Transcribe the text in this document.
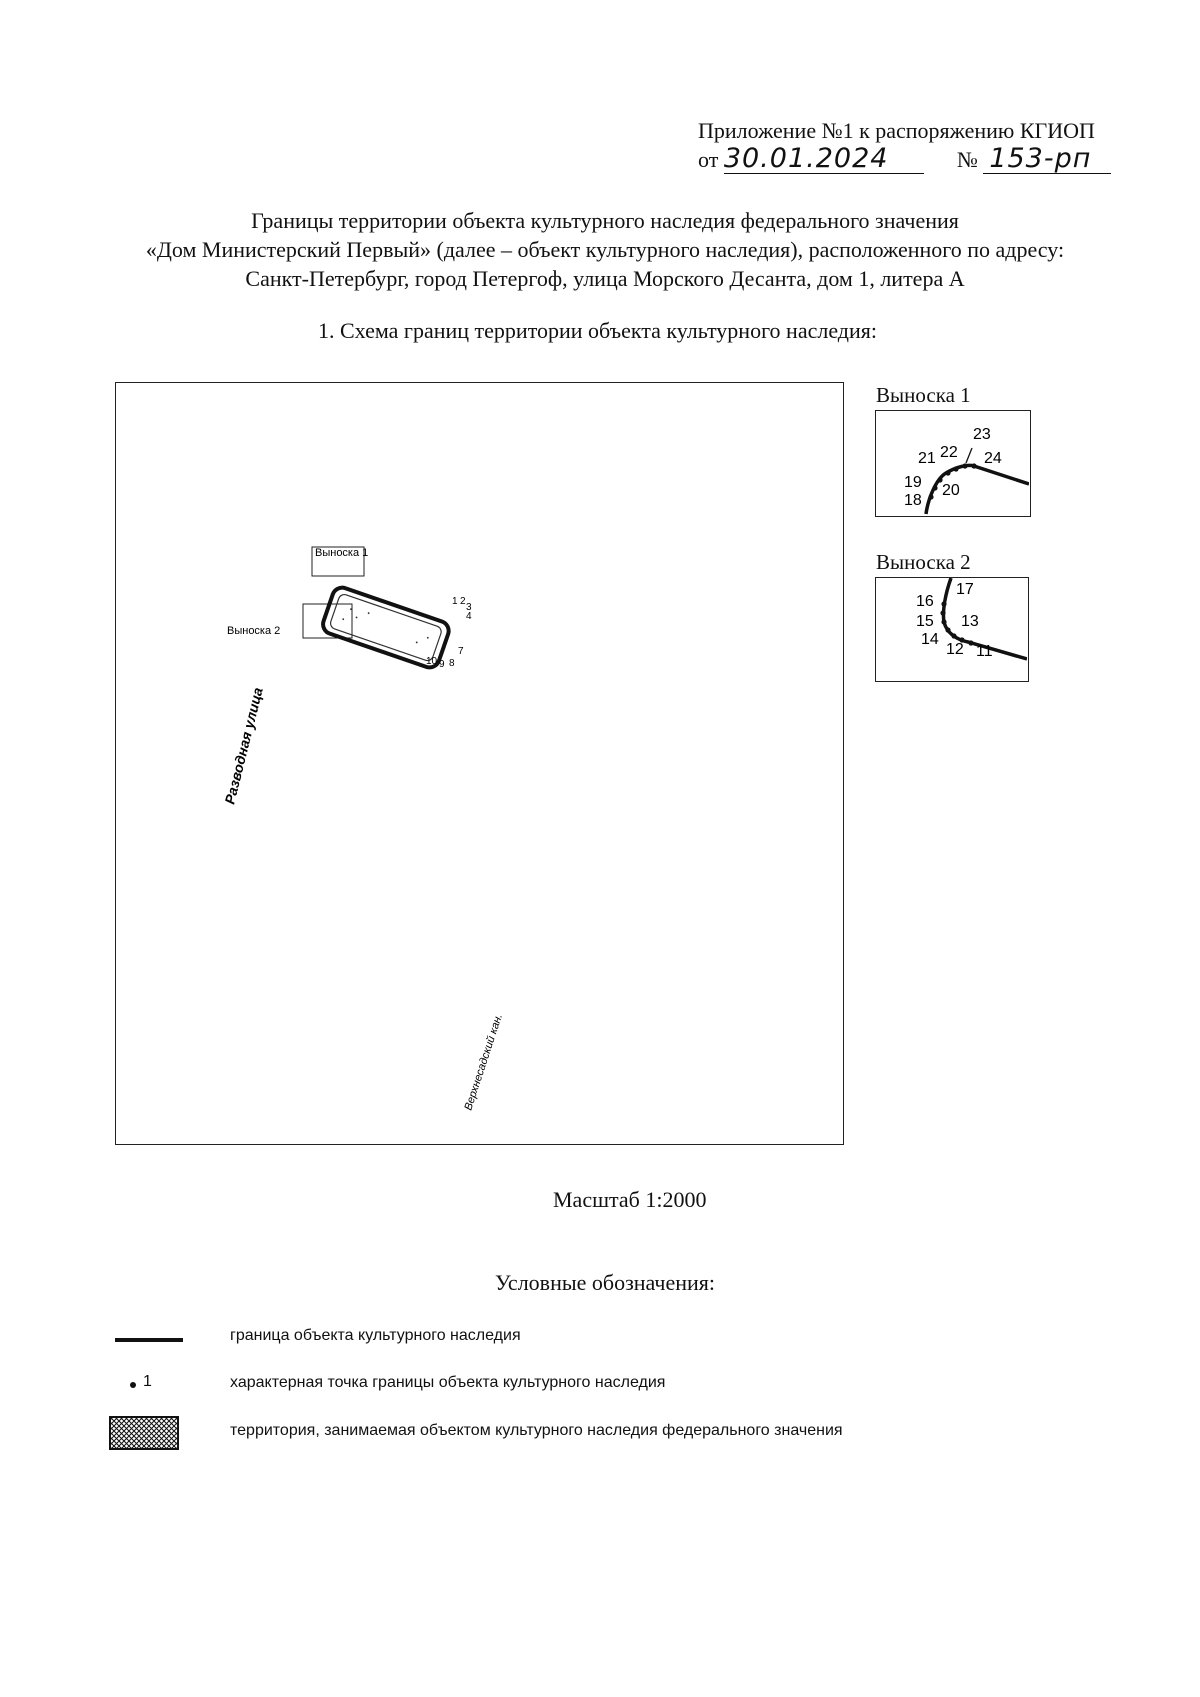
Приложение №1 к распоряжению КГИОП
от 30.01.2024	№ 153-рп
Границы территории объекта культурного наследия федерального значения
«Дом Министерский Первый» (далее – объект культурного наследия), расположенного по адресу:
Санкт-Петербург, город Петергоф, улица Морского Десанта, дом 1, литера А
1. Схема границ территории объекта культурного наследия:
Выноска 1
Выноска 2
1 2
3
4
7
8
9
10
Разводная улица
Верхнесадский кан.
Выноска 1
18
19 20
21 22
23
24
Выноска 2
11
12
13
14
15
16
17
Масштаб 1:2000
Условные обозначения:
граница объекта культурного наследия
1	характерная точка границы объекта культурного наследия
территория, занимаемая объектом культурного наследия федерального значения
